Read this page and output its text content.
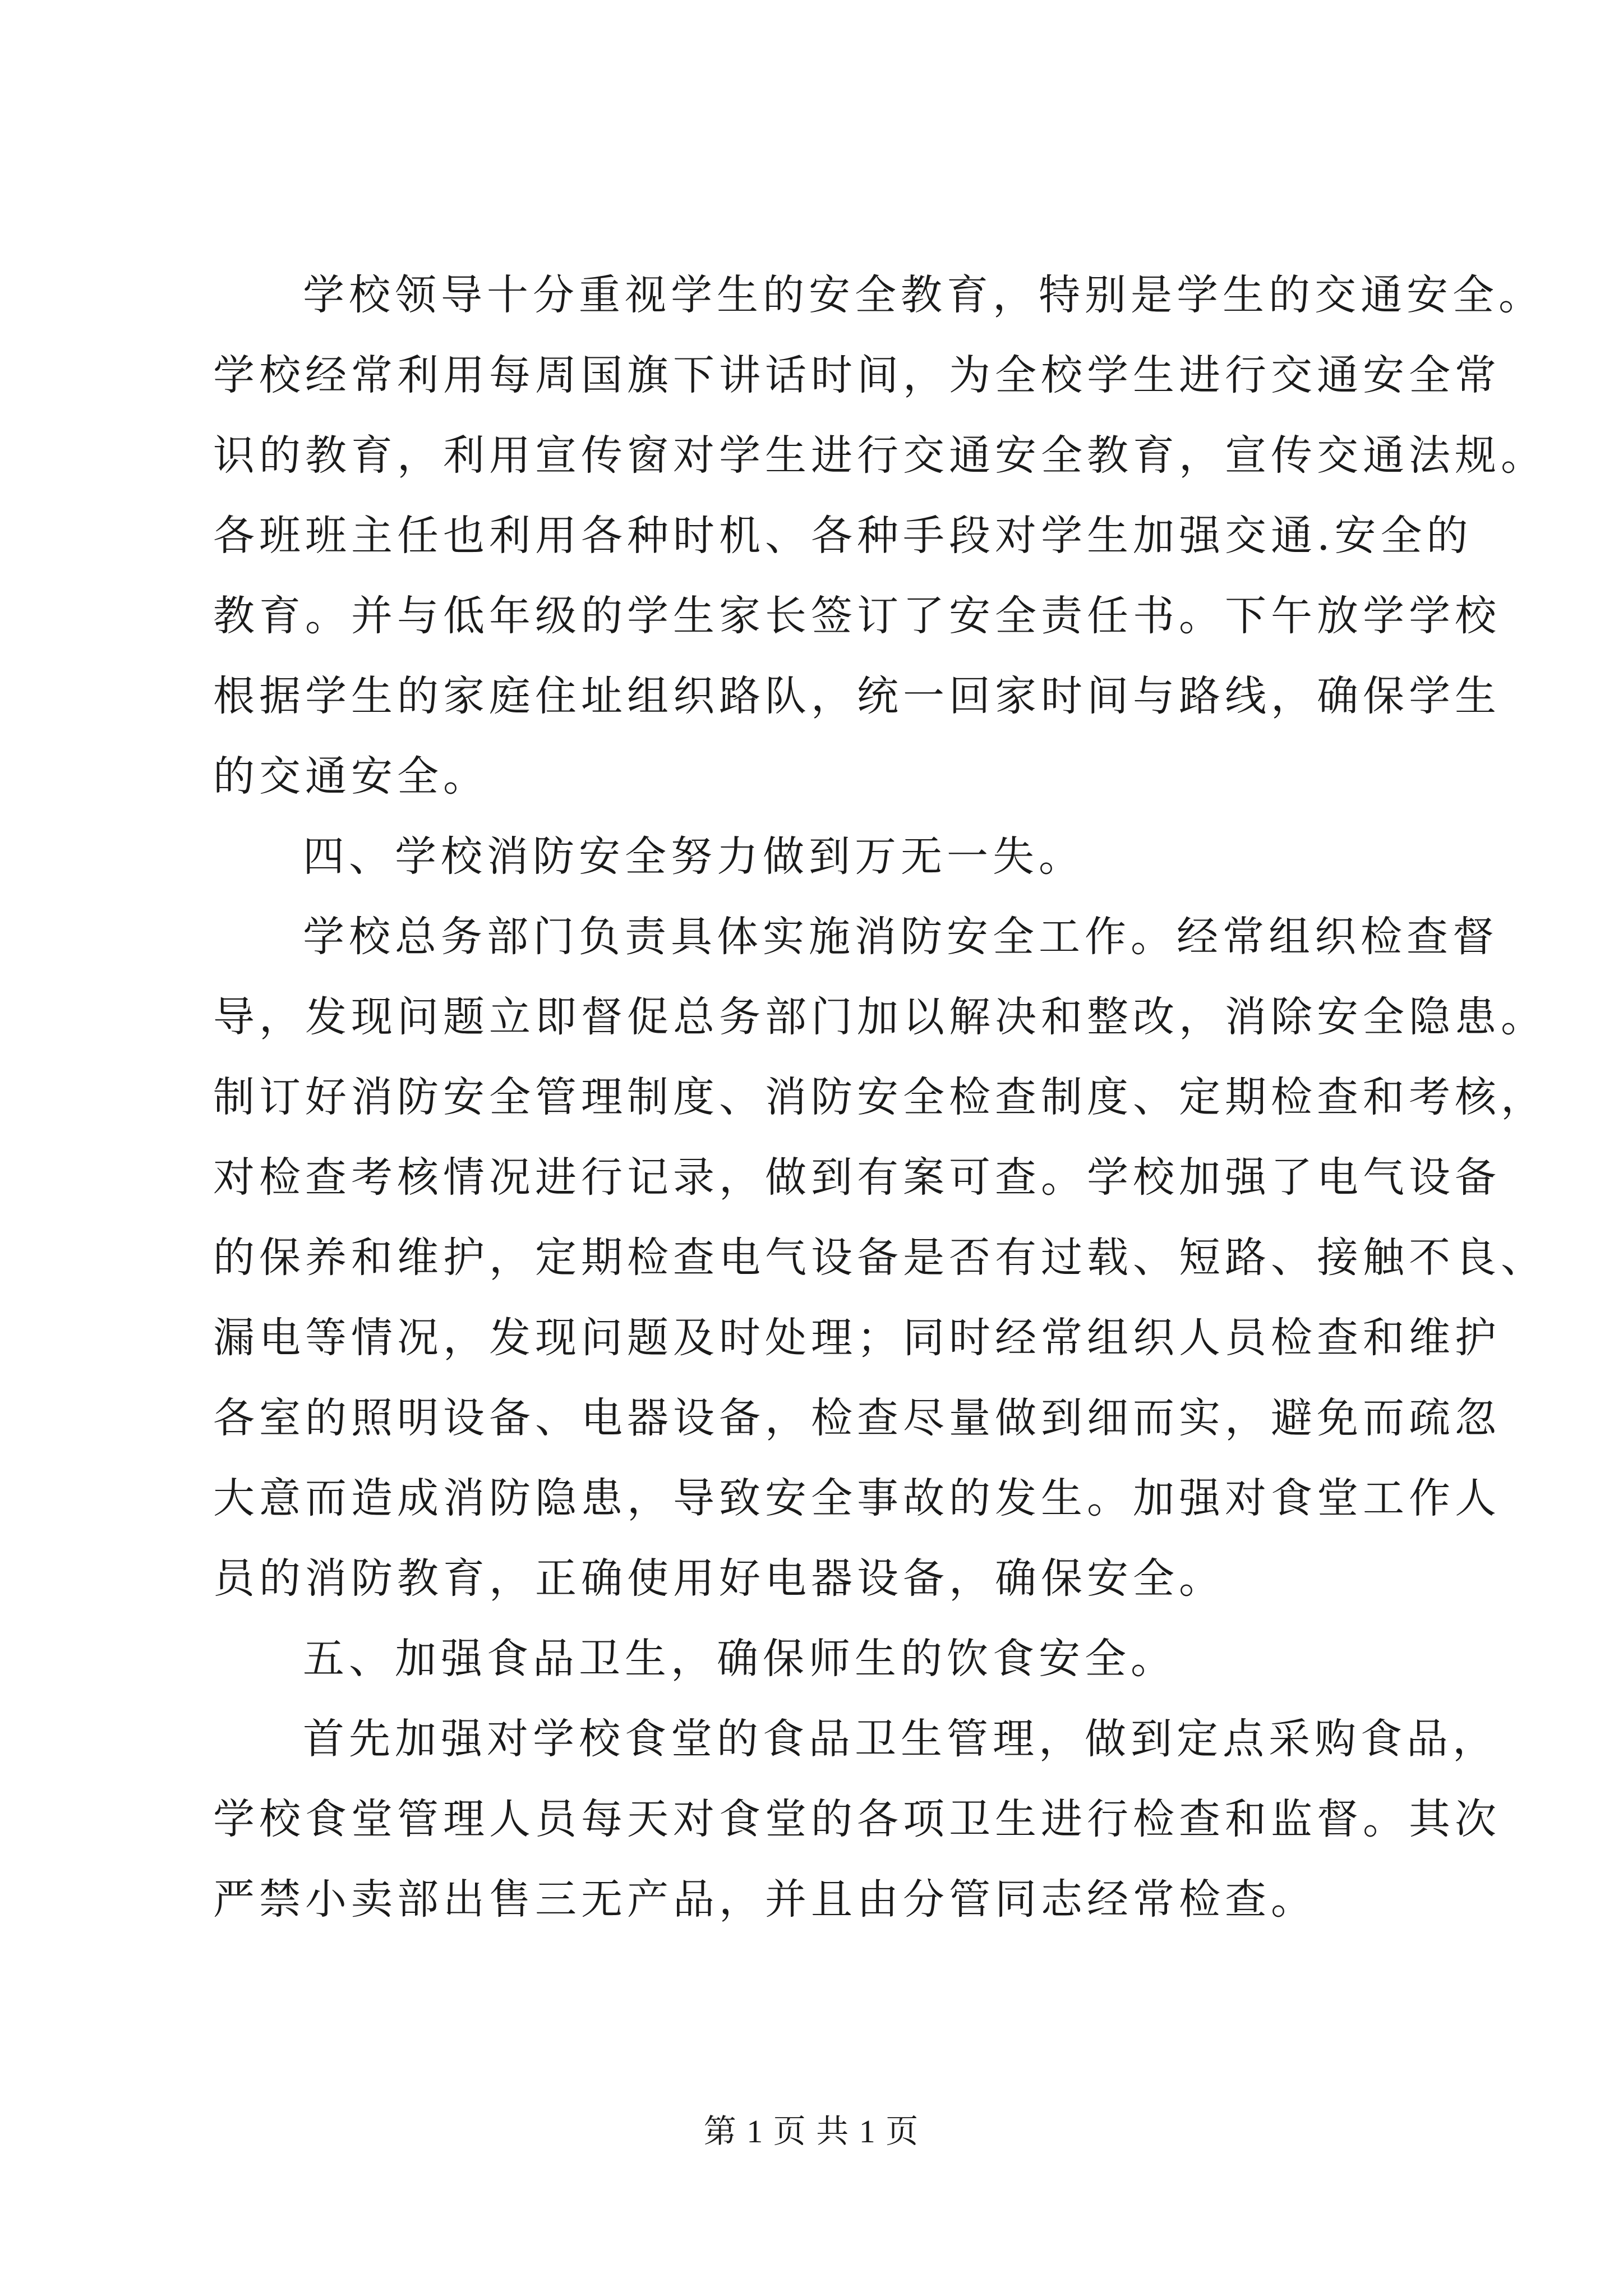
学校领导十分重视学生的安全教育，特别是学生的交通安全。
学校经常利用每周国旗下讲话时间，为全校学生进行交通安全常
识的教育，利用宣传窗对学生进行交通安全教育，宣传交通法规。
各班班主任也利用各种时机、各种手段对学生加强交通.安全的
教育。并与低年级的学生家长签订了安全责任书。下午放学学校
根据学生的家庭住址组织路队，统一回家时间与路线，确保学生
的交通安全。
四、学校消防安全努力做到万无一失。
学校总务部门负责具体实施消防安全工作。经常组织检查督
导，发现问题立即督促总务部门加以解决和整改，消除安全隐患。
制订好消防安全管理制度、消防安全检查制度、定期检查和考核，
对检查考核情况进行记录，做到有案可查。学校加强了电气设备
的保养和维护，定期检查电气设备是否有过载、短路、接触不良、
漏电等情况，发现问题及时处理；同时经常组织人员检查和维护
各室的照明设备、电器设备，检查尽量做到细而实，避免而疏忽
大意而造成消防隐患，导致安全事故的发生。加强对食堂工作人
员的消防教育，正确使用好电器设备，确保安全。
五、加强食品卫生，确保师生的饮食安全。
首先加强对学校食堂的食品卫生管理，做到定点采购食品，
学校食堂管理人员每天对食堂的各项卫生进行检查和监督。其次
严禁小卖部出售三无产品，并且由分管同志经常检查。
第 1 页 共 1 页
